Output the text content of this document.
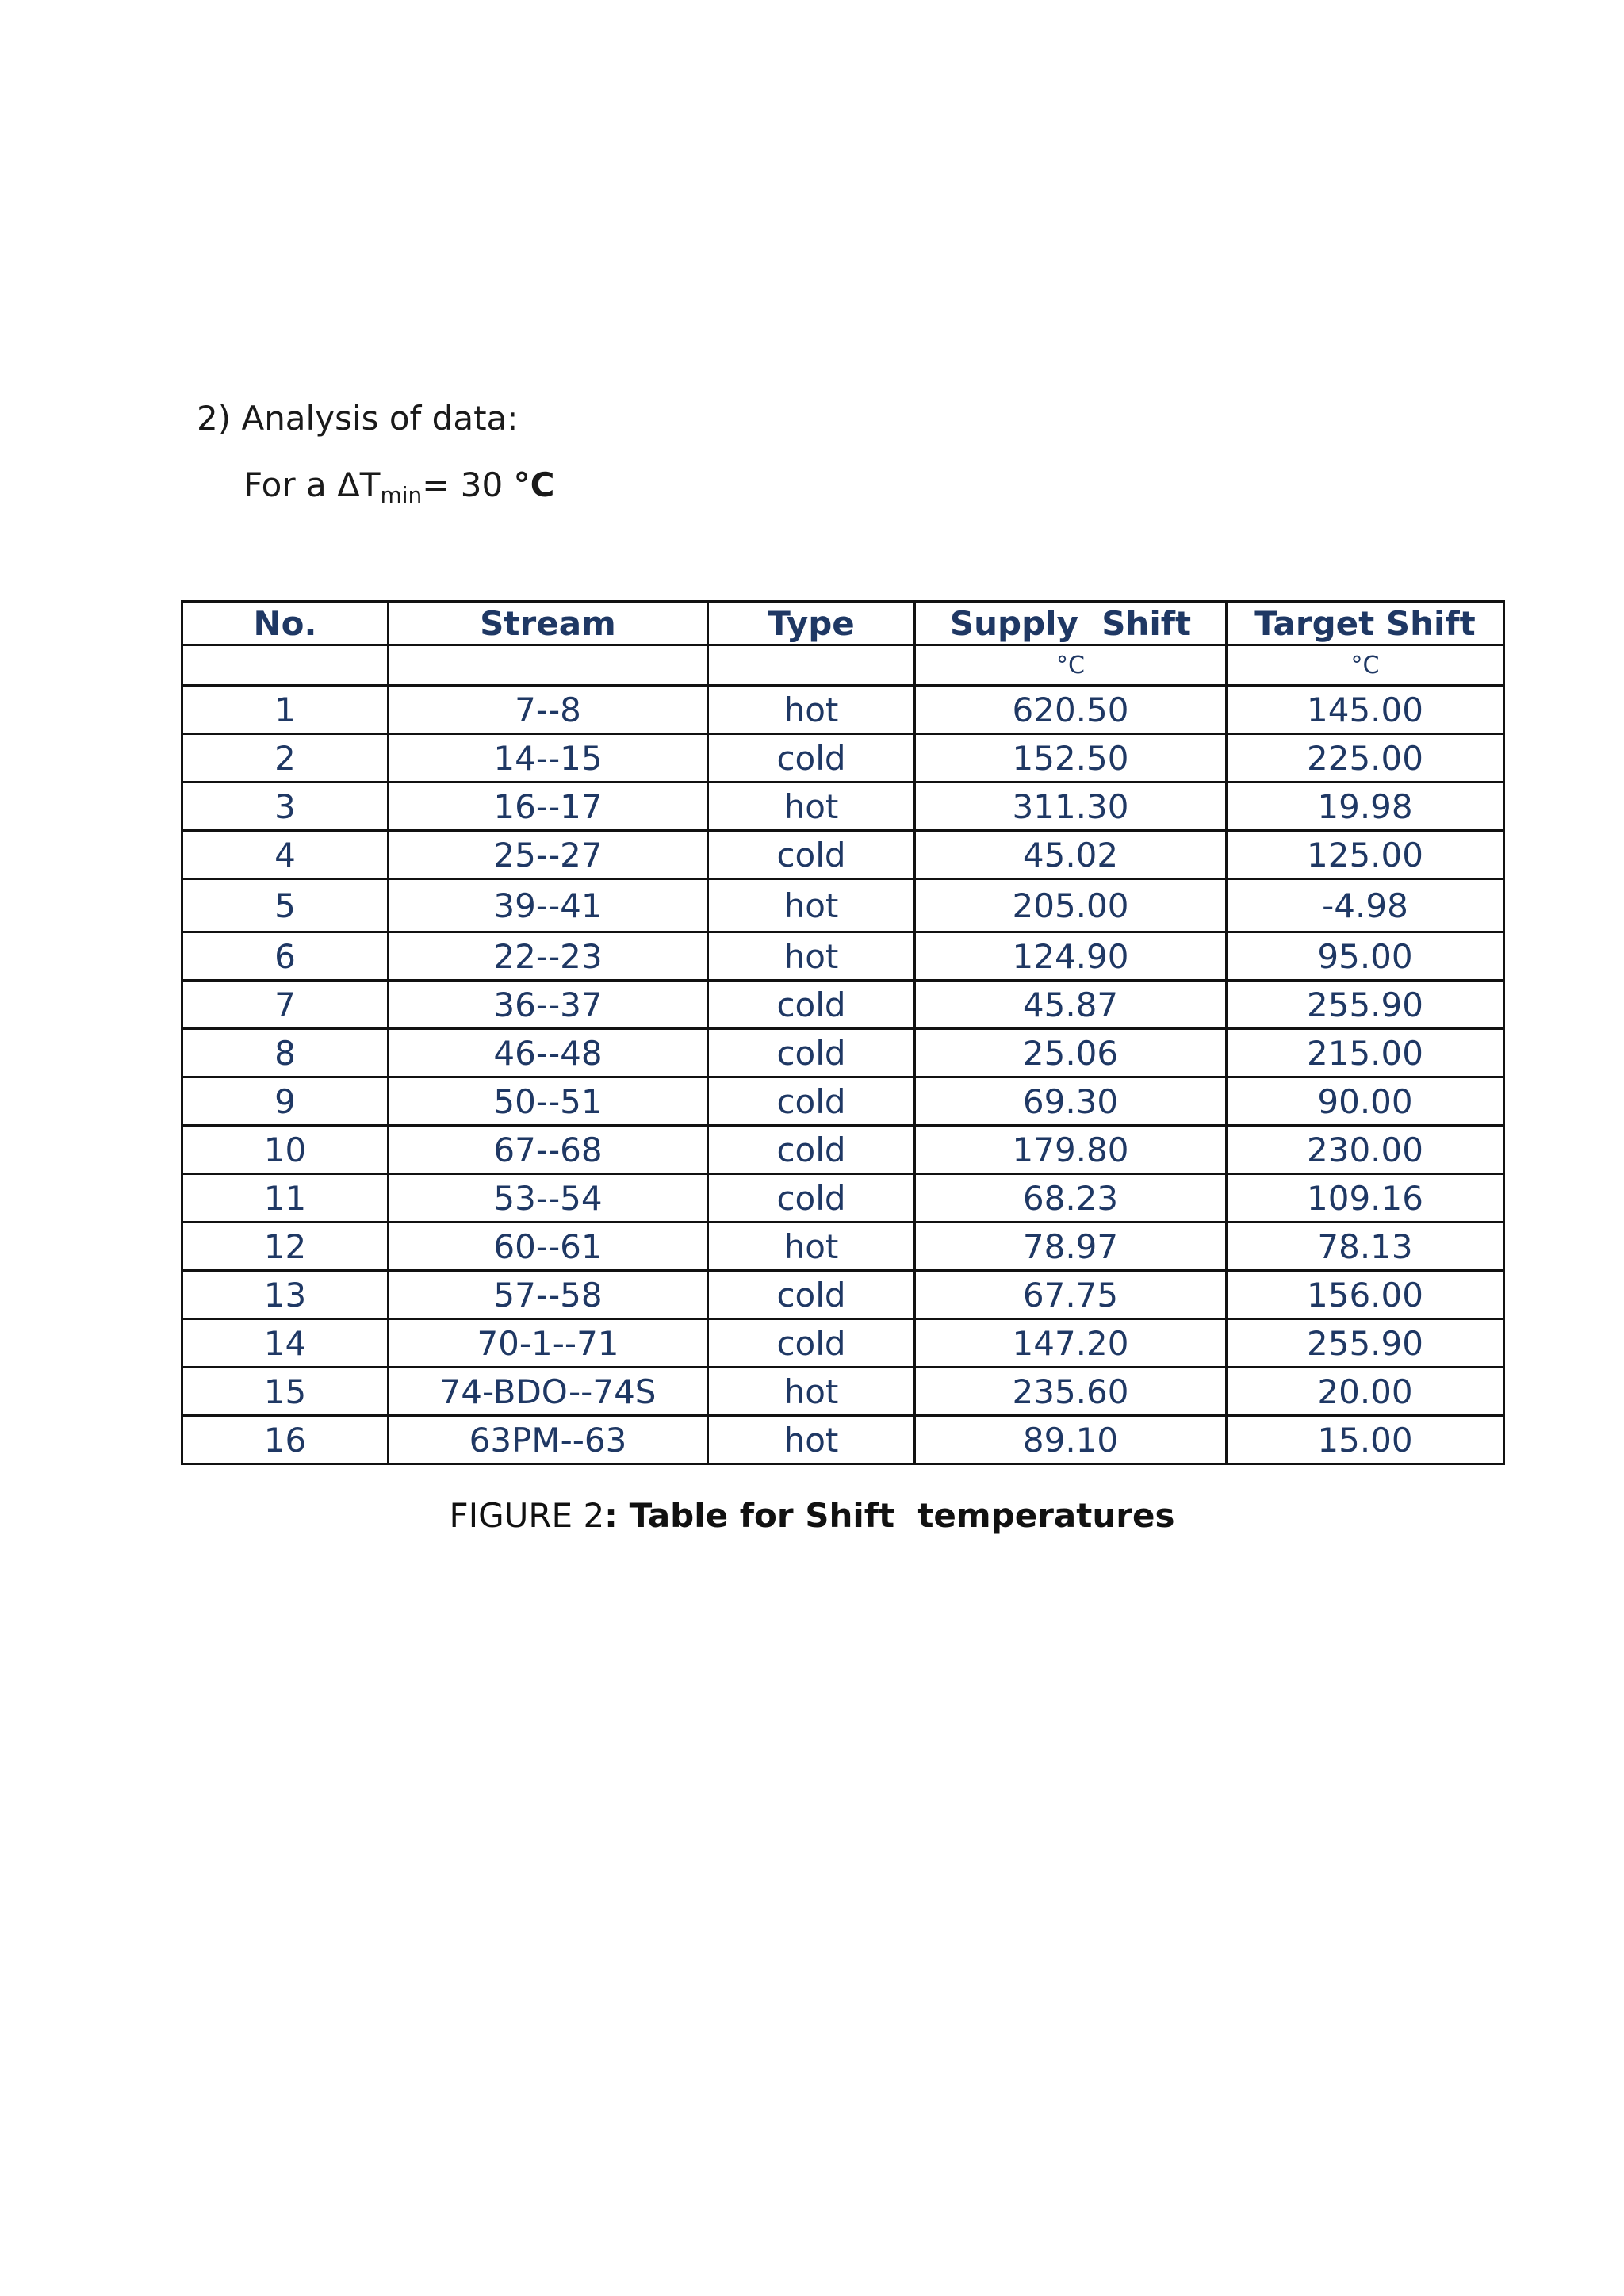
2) Analysis of data:
For a $\Delta T_{min}= 30$ °C
No.	Stream	Type	Supply  Shift	Target Shift
			°C	°C
1	7--8	hot	620.50	145.00
2	14--15	cold	152.50	225.00
3	16--17	hot	311.30	19.98
4	25--27	cold	45.02	125.00
5	39--41	hot	205.00	-4.98
6	22--23	hot	124.90	95.00
7	36--37	cold	45.87	255.90
8	46--48	cold	25.06	215.00
9	50--51	cold	69.30	90.00
10	67--68	cold	179.80	230.00
11	53--54	cold	68.23	109.16
12	60--61	hot	78.97	78.13
13	57--58	cold	67.75	156.00
14	70-1--71	cold	147.20	255.90
15	74-BDO--74S	hot	235.60	20.00
16	63PM--63	hot	89.10	15.00
FIGURE 2: Table for Shift  temperatures
